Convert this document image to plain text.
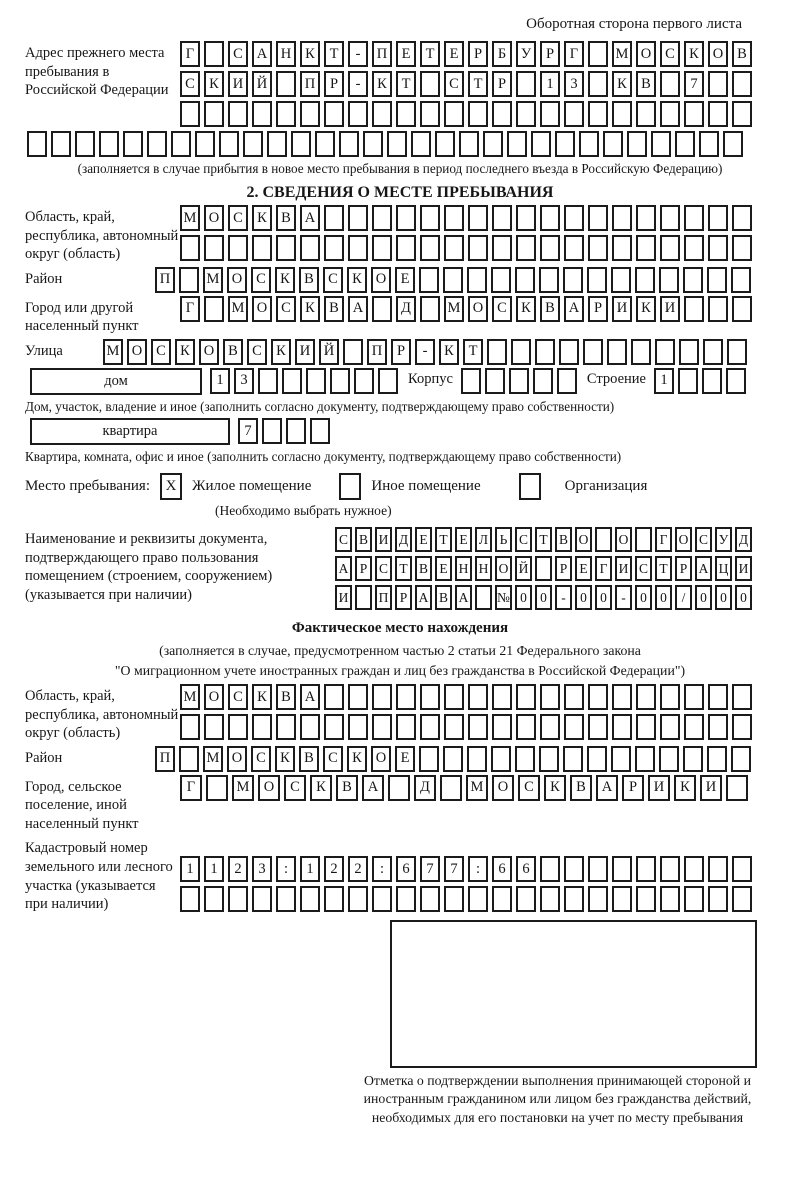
Оборотная сторона первого листа
Адрес прежнего места пребывания в Российской Федерации
Г	С А Н К	Т	-	П Е	Т	Е	Р	Б	У	Р	Г	М О С К О В
С К И Й	П	Р	-	К	Т	С	Т	Р	1	3	К В	7
(заполняется в случае прибытия в новое место пребывания в период последнего въезда в Российскую Федерацию)
2. СВЕДЕНИЯ О МЕСТЕ ПРЕБЫВАНИЯ
Область, край, республика, автономный округ (область)
М О С К В А
Район	П	М О С К В С К О Е
Город или другой населенный пункт
Г	М О С К В А	Д	М О С К В А	Р	И К И
Улица	М О С К О В С К И Й	П	Р	-	К	Т
дом	1	3	Корпус	Строение 1
Дом, участок, владение и иное (заполнить согласно документу, подтверждающему право собственности)
квартира	7
Квартира, комната, офис и иное (заполнить согласно документу, подтверждающему право собственности)
Место пребывания:	X	Жилое помещение	Иное помещение	Организация
(Необходимо выбрать нужное)
Наименование и реквизиты документа, подтверждающего право пользования помещением (строением, сооружением) (указывается при наличии)
С В И Д Е Т Е Л Ь С Т В О О	Г О С У Д
А Р С Т В Е Н Н О Й	Р Е Г И С Т Р А Ц И
И П Р А В А № 0 0	-	0 0	-	0 0	/	0 0 0
Фактическое место нахождения
(заполняется в случае, предусмотренном частью 2 статьи 21 Федерального закона
"О миграционном учете иностранных граждан и лиц без гражданства в Российской Федерации")
Область, край, республика, автономный округ (область)
М О С К В А
Район	П	М О С К В С К О Е
Город, сельское поселение, иной населенный пункт
Г	М О	С	К	В	А	Д	М О	С	К	В	А	Р	И	К	И
Кадастровый номер земельного или лесного участка (указывается при наличии)
1	1	2	3	:	1	2	2	:	6	7	7	:	6	6
Отметка о подтверждении выполнения принимающей стороной и иностранным гражданином или лицом без гражданства действий, необходимых для его постановки на учет по месту пребывания
